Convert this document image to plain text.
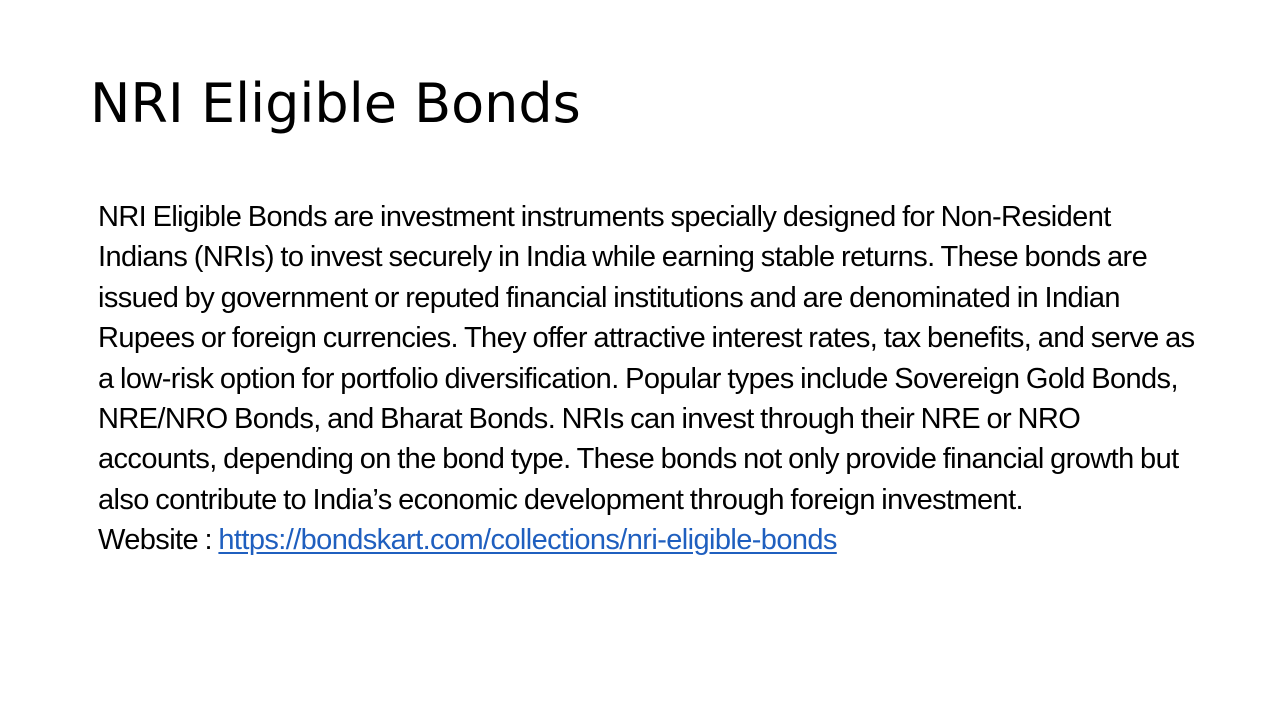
NRI Eligible Bonds

NRI Eligible Bonds are investment instruments specially designed for Non-Resident Indians (NRIs) to invest securely in India while earning stable returns. These bonds are issued by government or reputed financial institutions and are denominated in Indian Rupees or foreign currencies. They offer attractive interest rates, tax benefits, and serve as a low-risk option for portfolio diversification. Popular types include Sovereign Gold Bonds, NRE/NRO Bonds, and Bharat Bonds. NRIs can invest through their NRE or NRO accounts, depending on the bond type. These bonds not only provide financial growth but also contribute to India’s economic development through foreign investment.

Website : https://bondskart.com/collections/nri-eligible-bonds
